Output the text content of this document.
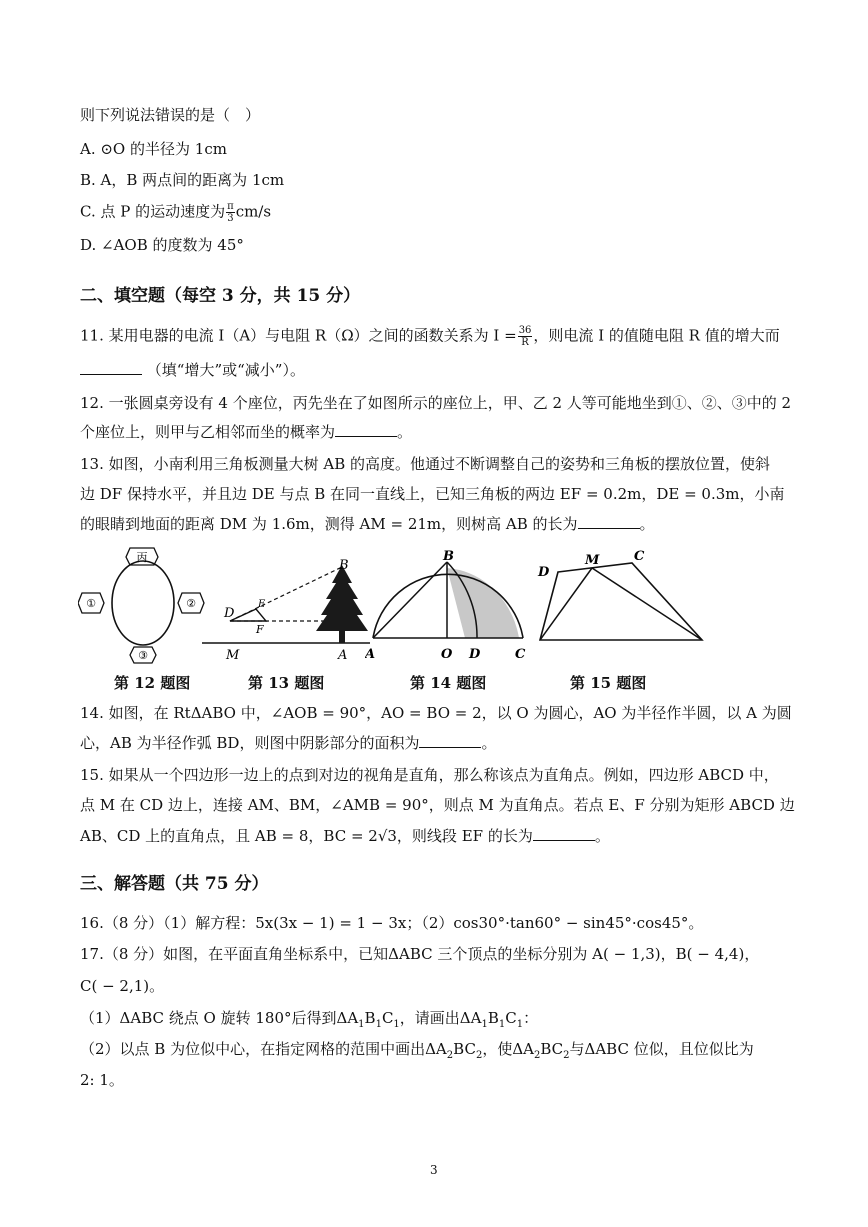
则下列说法错误的是（　）
A. ⊙O 的半径为 1cm
B. A，B 两点间的距离为 1cm
C. 点 P 的运动速度为 $\frac{\pi}{3} cm/s$
D. ∠AOB 的度数为 45°
二、填空题（每空 3 分，共 15 分）
11. 某用电器的电流 I（A）与电阻 R（Ω）之间的函数关系为 $I = \frac{36}{R}$ ，则电流 I 的值随电阻 R 值的增大而
（填“增大”或“减小”）。
12. 一张圆桌旁设有 4 个座位，丙先坐在了如图所示的座位上，甲、乙 2 人等可能地坐到①、②、③中的 2
个座位上，则甲与乙相邻而坐的概率为	。
13. 如图，小南利用三角板测量大树 AB 的高度。他通过不断调整自己的姿势和三角板的摆放位置，使斜
边 DF 保持水平，并且边 DE 与点 B 在同一直线上，已知三角板的两边 EF = 0.2m，DE = 0.3m，小南
的眼睛到地面的距离 DM 为 1.6m，测得 AM = 21m，则树高 AB 的长为	。
丙
①	②
③
B
D
E
F
M	A
B
A	O D	C
D
M	C
第 12 题图	第 13 题图	第 14 题图	第 15 题图
14. 如图，在 RtΔABO 中，∠AOB = 90°，AO = BO = 2，以 O 为圆心，AO 为半径作半圆，以 A 为圆
心，AB 为半径作弧 BD，则图中阴影部分的面积为	。
15. 如果从一个四边形一边上的点到对边的视角是直角，那么称该点为直角点。例如，四边形 ABCD 中，
点 M 在 CD 边上，连接 AM、BM，∠AMB = 90°，则点 M 为直角点。若点 E、F 分别为矩形 ABCD 边
AB、CD 上的直角点，且 AB = 8，BC = 2√3，则线段 EF 的长为	。
三、解答题（共 75 分）
16.（8 分）（1）解方程：5x(3x − 1) = 1 − 3x；（2）cos30°·tan60° − sin45°·cos45°。
17.（8 分）如图，在平面直角坐标系中，已知ΔABC 三个顶点的坐标分别为 A( − 1,3)，B( − 4,4)，
C( − 2,1)。
（1）ΔABC 绕点 O 旋转 180°后得到$\Delta A_1B_1C_1$，请画出$\Delta A_1B_1C_1$：
（2）以点 B 为位似中心，在指定网格的范围中画出$\Delta A_2BC_2$，使$\Delta A_2BC_2$与ΔABC 位似，且位似比为
2: 1。
3
